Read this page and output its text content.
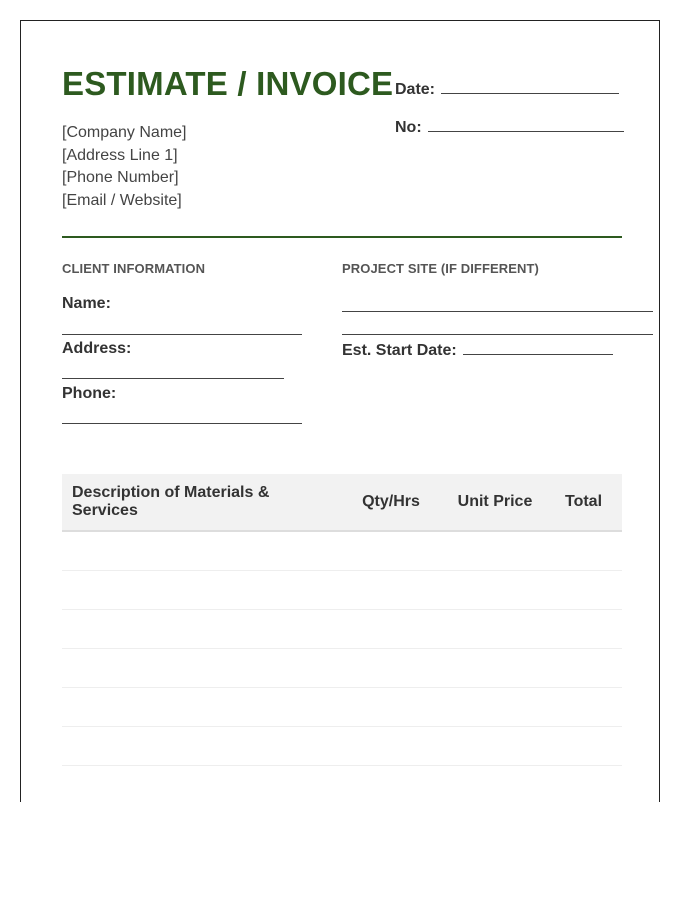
ESTIMATE / INVOICE
[Company Name]
[Address Line 1]
[Phone Number]
[Email / Website]
Date:
No:
CLIENT INFORMATION	PROJECT SITE (IF DIFFERENT)
Name:
Address:
Phone:
Est. Start Date:
Description of Materials & Services	Qty/Hrs	Unit Price	Total
